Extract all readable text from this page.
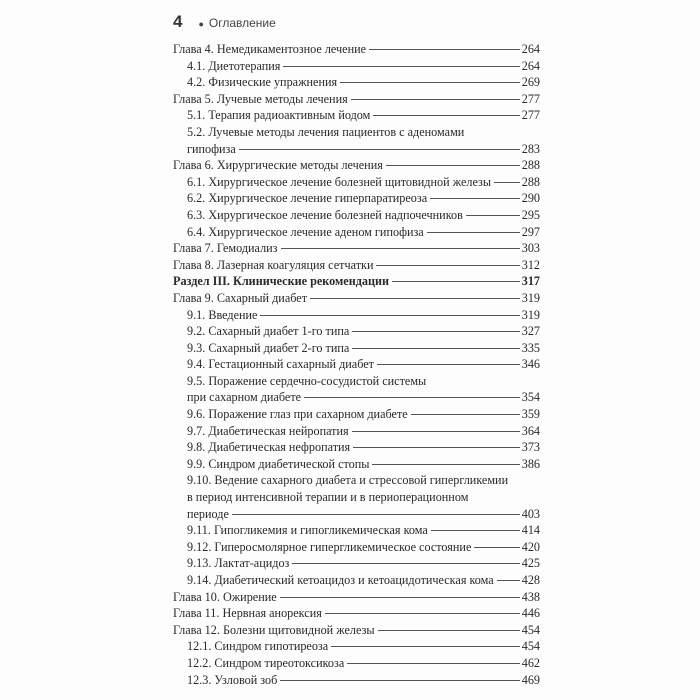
4 ● Оглавление
Глава 4. Немедикаментозное лечение	264
4.1. Диетотерапия	264
4.2. Физические упражнения	269
Глава 5. Лучевые методы лечения	277
5.1. Терапия радиоактивным йодом	277
5.2. Лучевые методы лечения пациентов с аденомами
гипофиза	283
Глава 6. Хирургические методы лечения	288
6.1. Хирургическое лечение болезней щитовидной железы	288
6.2. Хирургическое лечение гиперпаратиреоза	290
6.3. Хирургическое лечение болезней надпочечников	295
6.4. Хирургическое лечение аденом гипофиза	297
Глава 7. Гемодиализ	303
Глава 8. Лазерная коагуляция сетчатки	312
Раздел III. Клинические рекомендации	317
Глава 9. Сахарный диабет	319
9.1. Введение	319
9.2. Сахарный диабет 1-го типа	327
9.3. Сахарный диабет 2-го типа	335
9.4. Гестационный сахарный диабет	346
9.5. Поражение сердечно-сосудистой системы
при сахарном диабете	354
9.6. Поражение глаз при сахарном диабете	359
9.7. Диабетическая нейропатия	364
9.8. Диабетическая нефропатия	373
9.9. Синдром диабетической стопы	386
9.10. Ведение сахарного диабета и стрессовой гипергликемии
в период интенсивной терапии и в периоперационном
периоде	403
9.11. Гипогликемия и гипогликемическая кома	414
9.12. Гиперосмолярное гипергликемическое состояние	420
9.13. Лактат-ацидоз	425
9.14. Диабетический кетоацидоз и кетоацидотическая кома 428
Глава 10. Ожирение	438
Глава 11. Нервная анорексия	446
Глава 12. Болезни щитовидной железы	454
12.1. Синдром гипотиреоза	454
12.2. Синдром тиреотоксикоза	462
12.3. Узловой зоб	469
